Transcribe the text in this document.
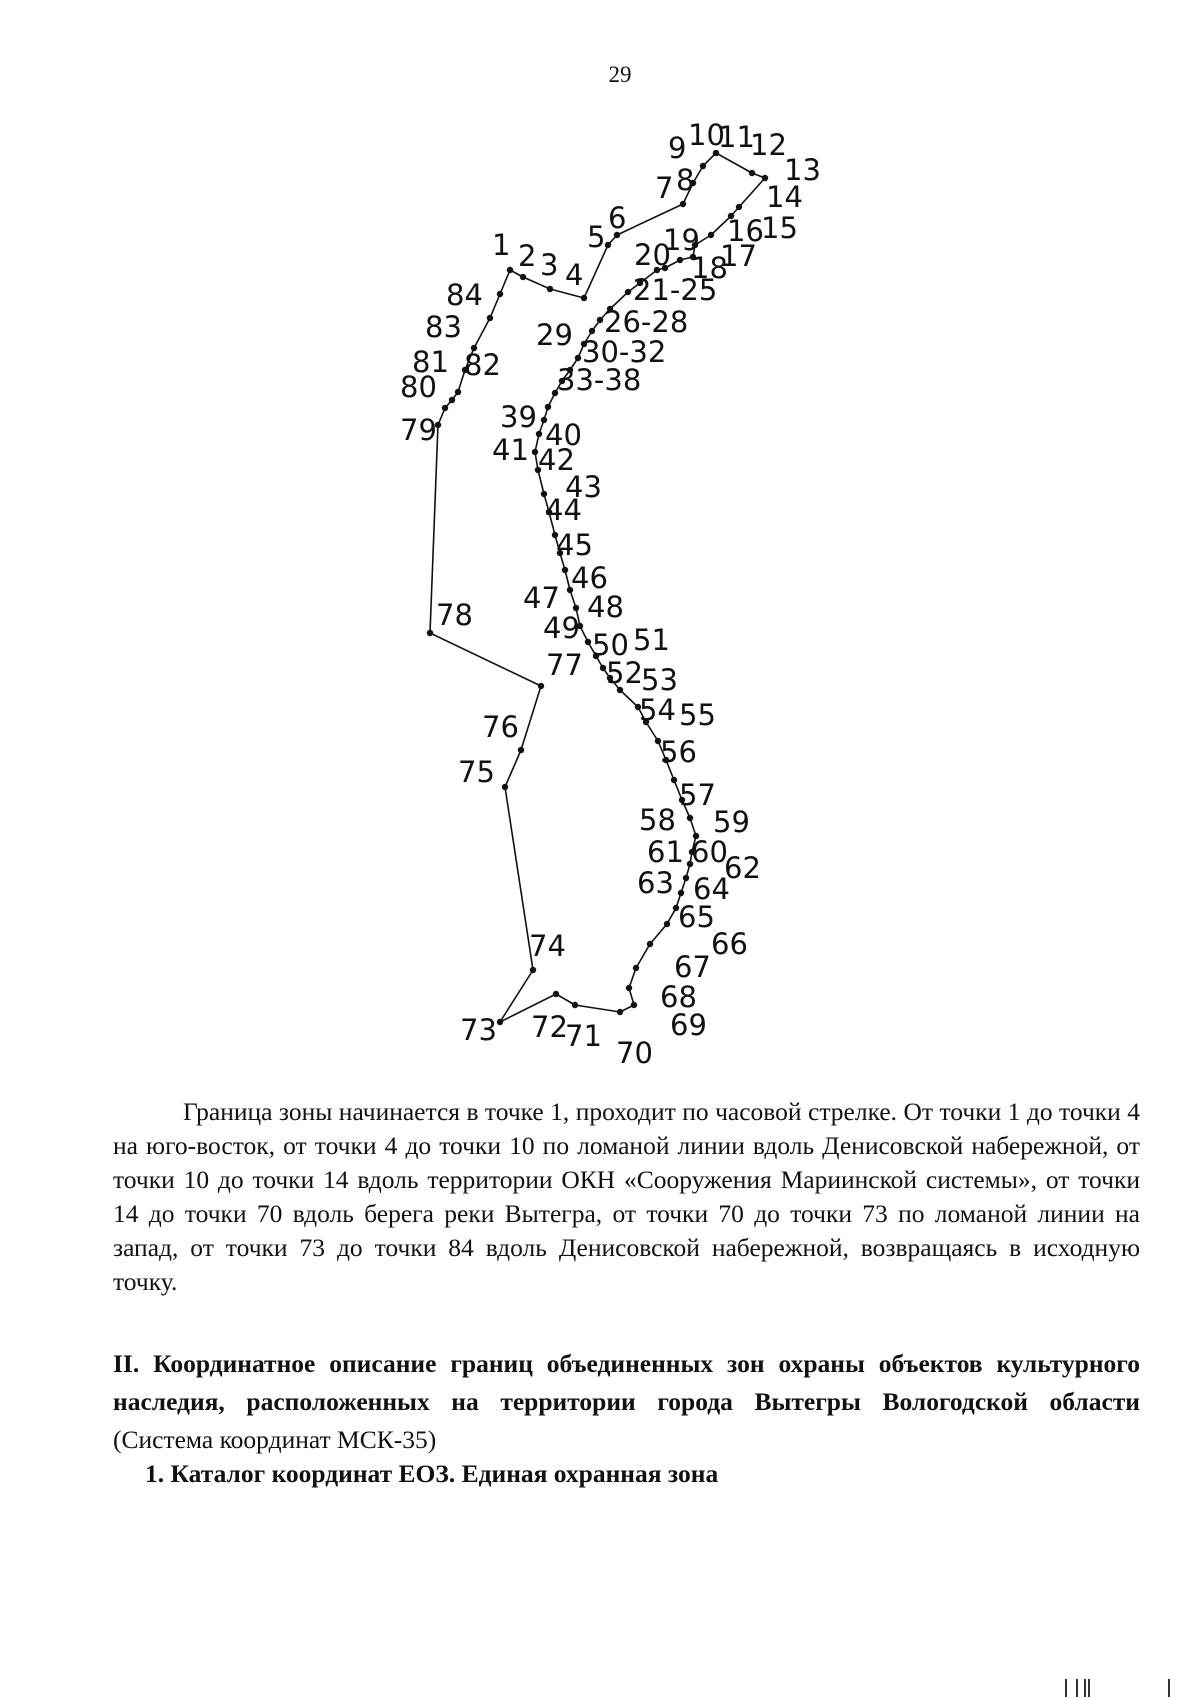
29
1 2 3 4
5
6
7 8
9 10
11
12
13
14
15
16
17
18
19
20
21-25
26-28
29 30-32
33-38
39
40
41 42
43
44
45
46
47 48
49 50 51
52
53
54 55
56
57
58 59
60
61 62
63 64
65
66
67
68
69
70
71
72
73
74
75
76
77
78
79
80
81 82
83
84
Граница зоны начинается в точке 1, проходит по часовой стрелке. От точки 1 до точки 4 на юго-восток, от точки 4 до точки 10 по ломаной линии вдоль Денисовской набережной, от точки 10 до точки 14 вдоль территории ОКН «Сооружения Мариинской системы», от точки 14 до точки 70 вдоль берега реки Вытегра, от точки 70 до точки 73 по ломаной линии на запад, от точки 73 до точки 84 вдоль Денисовской набережной, возвращаясь в исходную точку.
II. Координатное описание границ объединенных зон охраны объектов культурного наследия, расположенных на территории города Вытегры Вологодской области (Система координат МСК-35)
1. Каталог координат ЕОЗ. Единая охранная зона
